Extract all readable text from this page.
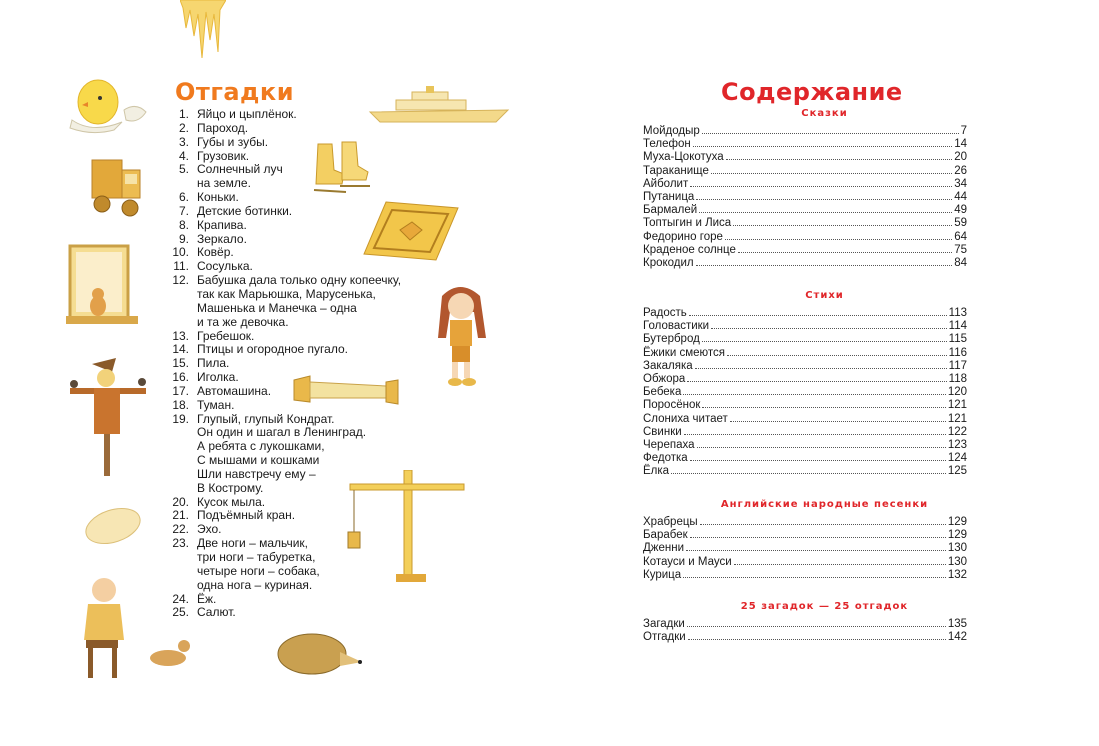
Отгадки
1. Яйцо и цыплёнок.
2. Пароход.
3. Губы и зубы.
4. Грузовик.
5. Солнечный луч
на земле.
6. Коньки.
7. Детские ботинки.
8. Крапива.
9. Зеркало.
10. Ковёр.
11. Сосулька.
12. Бабушка дала только одну копеечку,
так как Марьюшка, Марусенька,
Машенька и Манечка – одна
и та же девочка.
13. Гребешок.
14. Птицы и огородное пугало.
15. Пила.
16. Иголка.
17. Автомашина.
18. Туман.
19. Глупый, глупый Кондрат.
Он один и шагал в Ленинград.
А ребята с лукошками,
С мышами и кошками
Шли навстречу ему –
В Кострому.
20. Кусок мыла.
21. Подъёмный кран.
22. Эхо.
23. Две ноги – мальчик,
три ноги – табуретка,
четыре ноги – собака,
одна нога – куриная.
24. Ёж.
25. Салют.
Содержание
Сказки
Мойдодыр	7
Телефон	14
Муха-Цокотуха	20
Тараканище	26
Айболит	34
Путаница	44
Бармалей	49
Топтыгин и Лиса	59
Федорино горе	64
Краденое солнце	75
Крокодил	84
Стихи
Радость	113
Головастики	114
Бутерброд	115
Ёжики смеются	116
Закаляка	117
Обжора	118
Бебека	120
Поросёнок	121
Слониха читает	121
Свинки	122
Черепаха	123
Федотка	124
Ёлка	125
Английские народные песенки
Храбрецы	129
Барабек	129
Дженни	130
Котауси и Мауси	130
Курица	132
25 загадок — 25 отгадок
Загадки	135
Отгадки	142
